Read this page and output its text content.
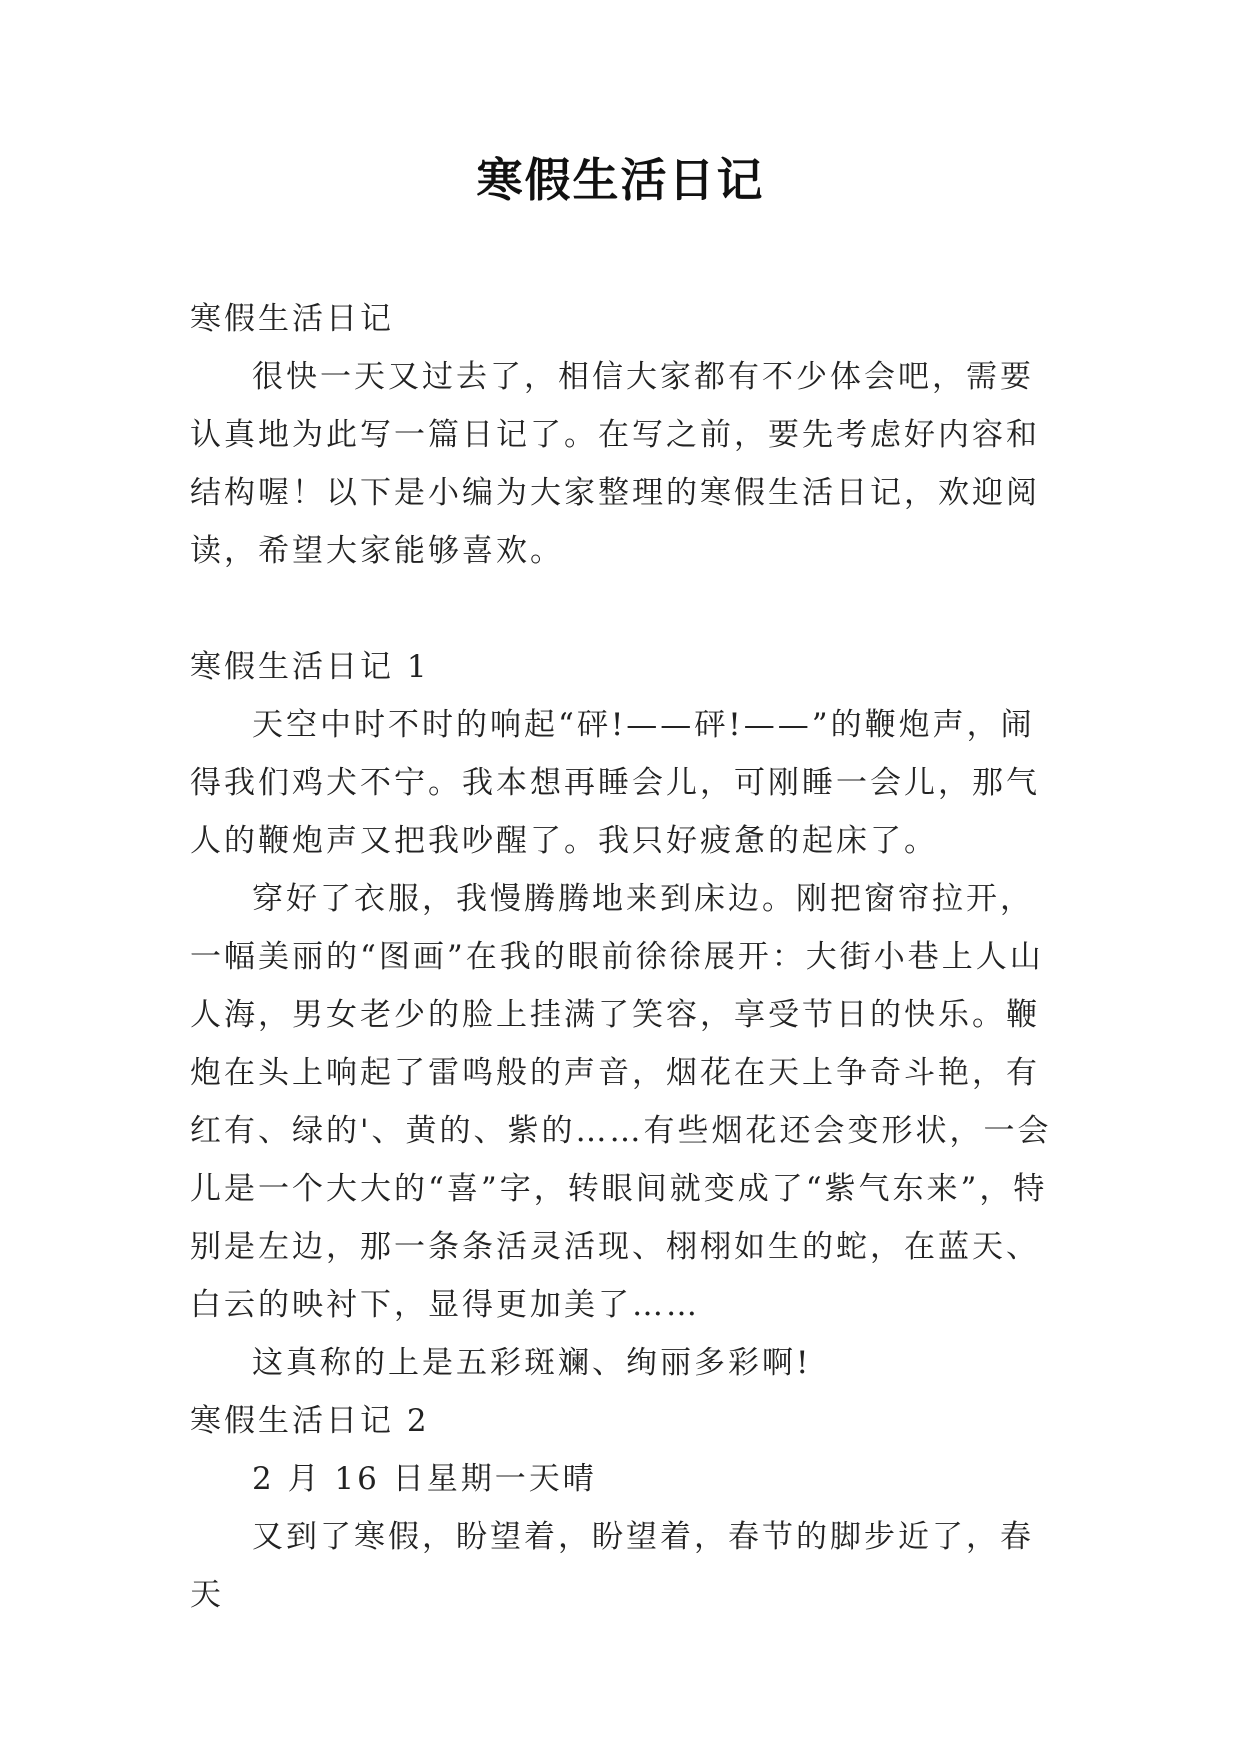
寒假生活日记

寒假生活日记

很快一天又过去了，相信大家都有不少体会吧，需要认真地为此写一篇日记了。在写之前，要先考虑好内容和结构喔！以下是小编为大家整理的寒假生活日记，欢迎阅读，希望大家能够喜欢。

寒假生活日记 1

天空中时不时的响起“砰!——砰!——”的鞭炮声，闹得我们鸡犬不宁。我本想再睡会儿，可刚睡一会儿，那气人的鞭炮声又把我吵醒了。我只好疲惫的起床了。

穿好了衣服，我慢腾腾地来到床边。刚把窗帘拉开，一幅美丽的“图画”在我的眼前徐徐展开：大街小巷上人山人海，男女老少的脸上挂满了笑容，享受节日的快乐。鞭炮在头上响起了雷鸣般的声音，烟花在天上争奇斗艳，有红有、绿的'、黄的、紫的……有些烟花还会变形状，一会儿是一个大大的“喜”字，转眼间就变成了“紫气东来”，特别是左边，那一条条活灵活现、栩栩如生的蛇，在蓝天、白云的映衬下，显得更加美了……

这真称的上是五彩斑斓、绚丽多彩啊!

寒假生活日记 2

2 月 16 日星期一天晴

又到了寒假，盼望着，盼望着，春节的脚步近了，春天
